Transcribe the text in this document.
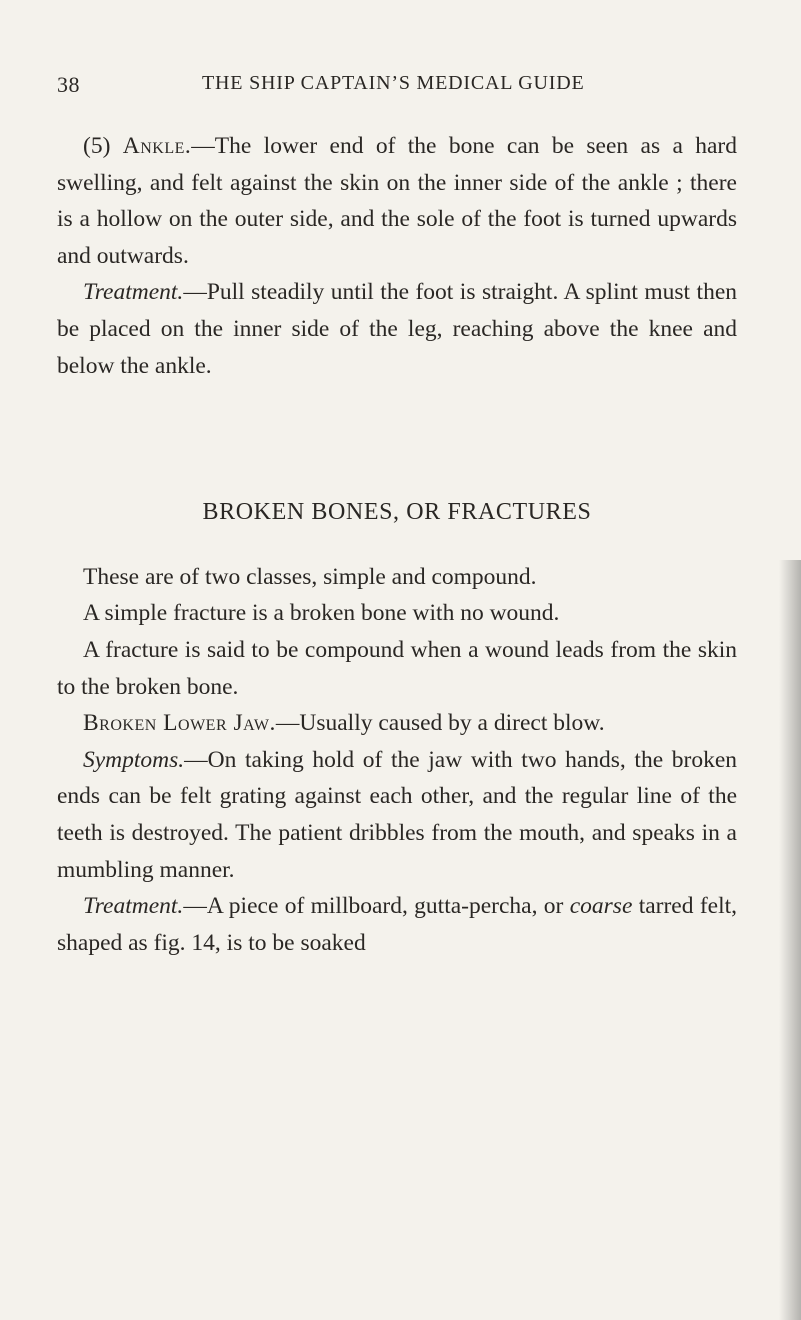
38	THE SHIP CAPTAIN’S MEDICAL GUIDE

(5) Ankle.—The lower end of the bone can be seen as a hard swelling, and felt against the skin on the inner side of the ankle ; there is a hollow on the outer side, and the sole of the foot is turned upwards and outwards.

Treatment.—Pull steadily until the foot is straight. A splint must then be placed on the inner side of the leg, reaching above the knee and below the ankle.

BROKEN BONES, OR FRACTURES

These are of two classes, simple and compound.

A simple fracture is a broken bone with no wound.

A fracture is said to be compound when a wound leads from the skin to the broken bone.

Broken Lower Jaw.—Usually caused by a direct blow.

Symptoms.—On taking hold of the jaw with two hands, the broken ends can be felt grating against each other, and the regular line of the teeth is destroyed. The patient dribbles from the mouth, and speaks in a mumbling manner.

Treatment.—A piece of millboard, gutta-percha, or coarse tarred felt, shaped as fig. 14, is to be soaked
